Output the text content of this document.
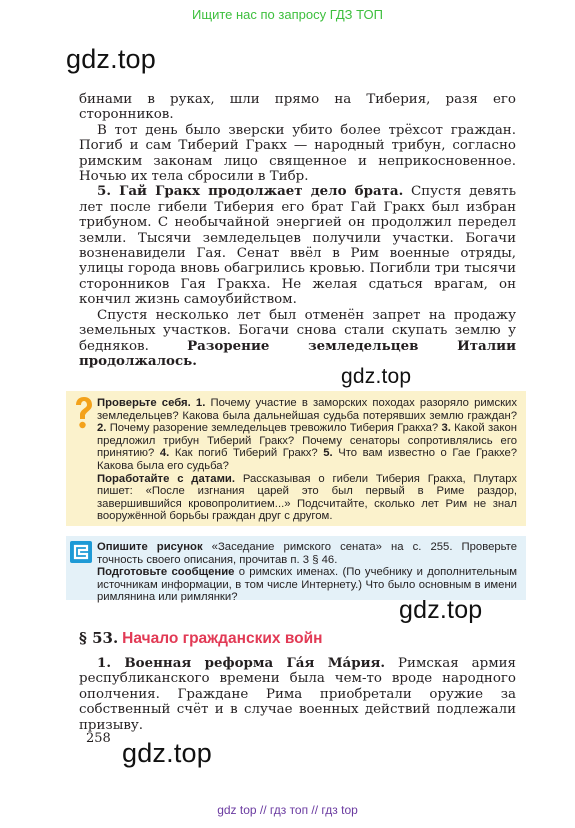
Ищите нас по запросу ГДЗ ТОП
gdz.top

бинами в руках, шли прямо на Тиберия, разя его сторонников.

В тот день было зверски убито более трёхсот граждан. Погиб и сам Тиберий Гракх — народный трибун, согласно римским законам лицо священное и неприкосновенное. Ночью их тела сбросили в Тибр.

5. Гай Гракх продолжает дело брата. Спустя девять лет после гибели Тиберия его брат Гай Гракх был избран трибуном. С необычайной энергией он продолжил передел земли. Тысячи земледельцев получили участки. Богачи возненавидели Гая. Сенат ввёл в Рим военные отряды, улицы города вновь обагрились кровью. Погибли три тысячи сторонников Гая Гракха. Не желая сдаться врагам, он кончил жизнь самоубийством.

Спустя несколько лет был отменён запрет на продажу земельных участков. Богачи снова стали скупать землю у бедняков. Разорение земледельцев Италии продолжалось.

gdz.top

Проверьте себя. 1. Почему участие в заморских походах разоряло римских земледельцев? Какова была дальнейшая судьба потерявших землю граждан? 2. Почему разорение земледельцев тревожило Тиберия Гракха? 3. Какой закон предложил трибун Тиберий Гракх? Почему сенаторы сопротивлялись его принятию? 4. Как погиб Тиберий Гракх? 5. Что вам известно о Гае Гракхе? Какова была его судьба?

Поработайте с датами. Рассказывая о гибели Тиберия Гракха, Плутарх пишет: «После изгнания царей это был первый в Риме раздор, завершившийся кровопролитием...» Подсчитайте, сколько лет Рим не знал вооружённой борьбы граждан друг с другом.

Опишите рисунок «Заседание римского сената» на с. 255. Проверьте точность своего описания, прочитав п. 3 § 46.

Подготовьте сообщение о римских именах. (По учебнику и дополнительным источникам информации, в том числе Интернету.) Что было основным в имени римлянина или римлянки?	gdz.top
§ 53. Начало гражданских войн

1. Военная реформа Гáя Мáрия. Римская армия республиканского времени была чем-то вроде народного ополчения. Граждане Рима приобретали оружие за собственный счёт и в случае военных действий подлежали призыву.

258 gdz.top
gdz top // гдз топ // гдз top
